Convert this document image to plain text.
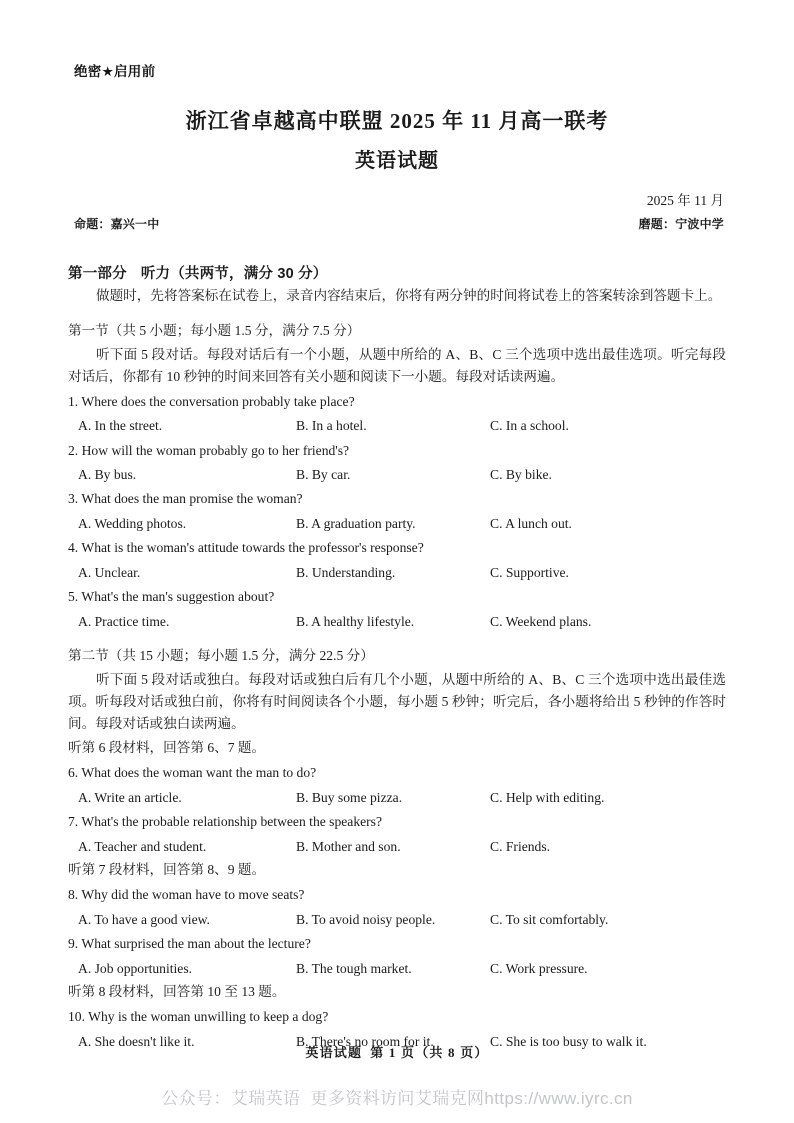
绝密★启用前
浙江省卓越高中联盟 2025 年 11 月高一联考
英语试题
2025 年 11 月
命题：嘉兴一中	磨题：宁波中学
第一部分 听力（共两节，满分 30 分）

做题时，先将答案标在试卷上，录音内容结束后，你将有两分钟的时间将试卷上的答案转涂到答题卡上。

第一节（共 5 小题；每小题 1.5 分，满分 7.5 分）

听下面 5 段对话。每段对话后有一个小题，从题中所给的 A、B、C 三个选项中选出最佳选项。听完每段对话后，你都有 10 秒钟的时间来回答有关小题和阅读下一小题。每段对话读两遍。

1. Where does the conversation probably take place?
A. In the street.	B. In a hotel.	C. In a school.
2. How will the woman probably go to her friend's?
A. By bus.	B. By car.	C. By bike.
3. What does the man promise the woman?
A. Wedding photos.	B. A graduation party.	C. A lunch out.
4. What is the woman's attitude towards the professor's response?
A. Unclear.	B. Understanding.	C. Supportive.
5. What's the man's suggestion about?
A. Practice time.	B. A healthy lifestyle.	C. Weekend plans.
第二节（共 15 小题；每小题 1.5 分，满分 22.5 分）

听下面 5 段对话或独白。每段对话或独白后有几个小题，从题中所给的 A、B、C 三个选项中选出最佳选项。听每段对话或独白前，你将有时间阅读各个小题，每小题 5 秒钟；听完后，各小题将给出 5 秒钟的作答时间。每段对话或独白读两遍。

听第 6 段材料，回答第 6、7 题。
6. What does the woman want the man to do?
A. Write an article.	B. Buy some pizza.	C. Help with editing.
7. What's the probable relationship between the speakers?
A. Teacher and student.	B. Mother and son.	C. Friends.
听第 7 段材料，回答第 8、9 题。
8. Why did the woman have to move seats?
A. To have a good view.	B. To avoid noisy people.	C. To sit comfortably.
9. What surprised the man about the lecture?
A. Job opportunities.	B. The tough market.	C. Work pressure.
听第 8 段材料，回答第 10 至 13 题。
10. Why is the woman unwilling to keep a dog?
A. She doesn't like it.	B. There's no room for it.	C. She is too busy to walk it.
英语试题 第 1 页（共 8 页）
公众号：艾瑞英语 更多资料访问艾瑞克网https://www.iyrc.cn
